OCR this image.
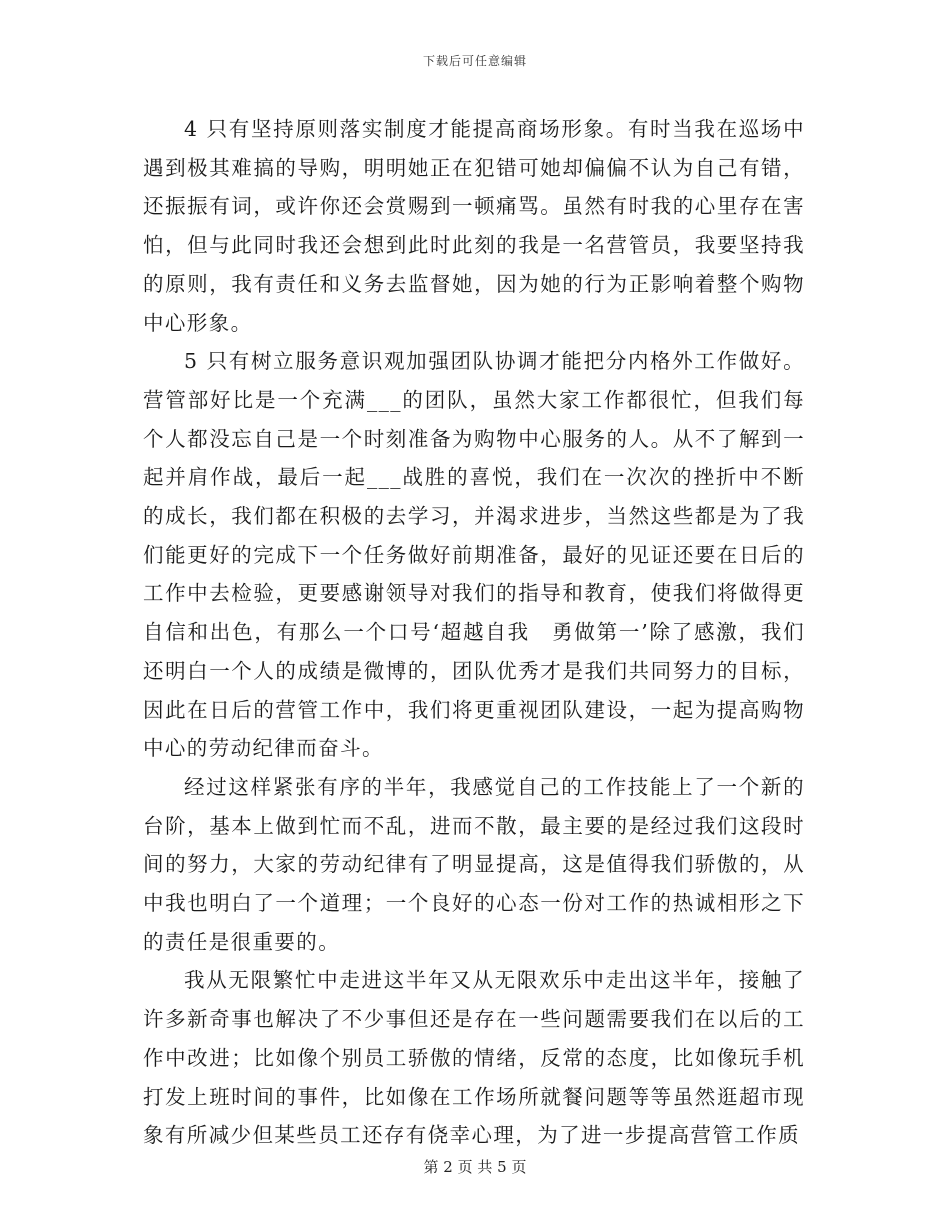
下载后可任意编辑

4 只有坚持原则落实制度才能提高商场形象。有时当我在巡场中遇到极其难搞的导购，明明她正在犯错可她却偏偏不认为自己有错，还振振有词，或许你还会赏赐到一顿痛骂。虽然有时我的心里存在害怕，但与此同时我还会想到此时此刻的我是一名营管员，我要坚持我的原则，我有责任和义务去监督她，因为她的行为正影响着整个购物中心形象。

5 只有树立服务意识观加强团队协调才能把分内格外工作做好。营管部好比是一个充满___的团队，虽然大家工作都很忙，但我们每个人都没忘自己是一个时刻准备为购物中心服务的人。从不了解到一起并肩作战，最后一起___战胜的喜悦，我们在一次次的挫折中不断的成长，我们都在积极的去学习，并渴求进步，当然这些都是为了我们能更好的完成下一个任务做好前期准备，最好的见证还要在日后的工作中去检验，更要感谢领导对我们的指导和教育，使我们将做得更自信和出色，有那么一个口号‘超越自我　勇做第一’除了感激，我们还明白一个人的成绩是微博的，团队优秀才是我们共同努力的目标，因此在日后的营管工作中，我们将更重视团队建设，一起为提高购物中心的劳动纪律而奋斗。

经过这样紧张有序的半年，我感觉自己的工作技能上了一个新的台阶，基本上做到忙而不乱，进而不散，最主要的是经过我们这段时间的努力，大家的劳动纪律有了明显提高，这是值得我们骄傲的，从中我也明白了一个道理；一个良好的心态一份对工作的热诚相形之下的责任是很重要的。

我从无限繁忙中走进这半年又从无限欢乐中走出这半年，接触了许多新奇事也解决了不少事但还是存在一些问题需要我们在以后的工作中改进；比如像个别员工骄傲的情绪，反常的态度，比如像玩手机打发上班时间的事件，比如像在工作场所就餐问题等等虽然逛超市现象有所减少但某些员工还存有侥幸心理，为了进一步提高营管工作质

第 2 页 共 5 页
